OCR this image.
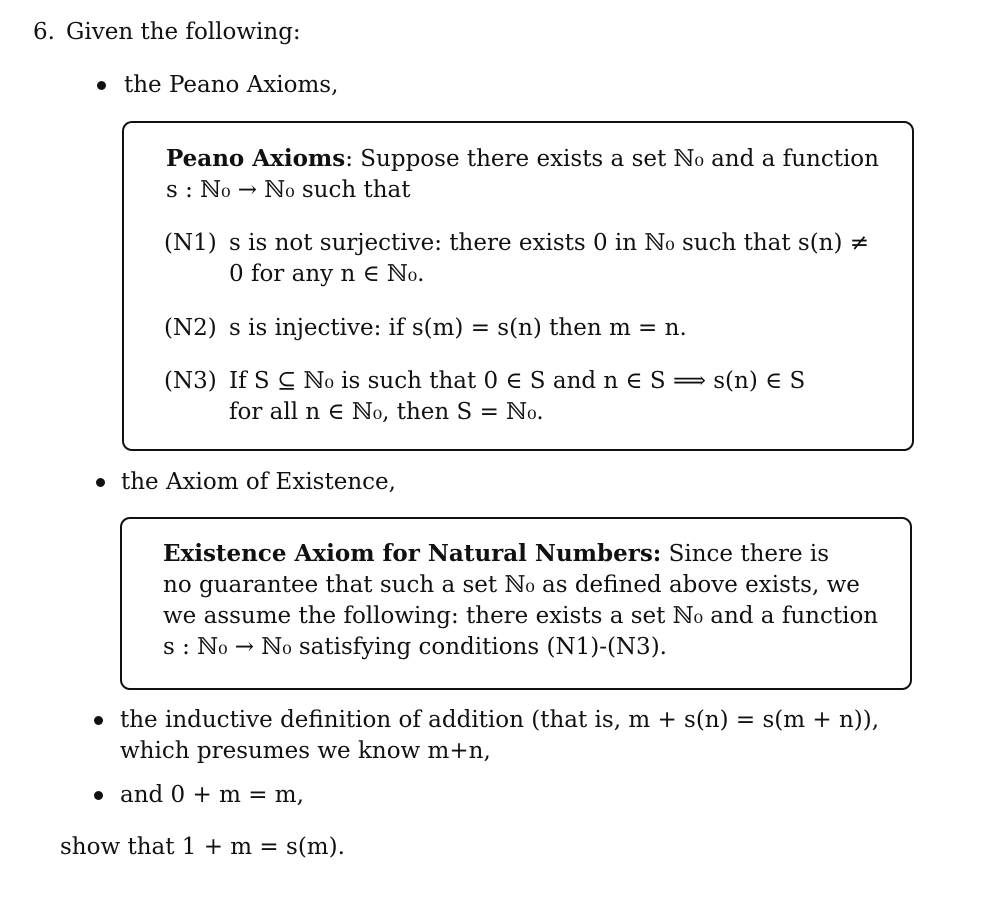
6. Given the following:
the Peano Axioms,

Peano Axioms: Suppose there exists a set ℕ₀ and a function

s : ℕ₀ → ℕ₀ such that

(N1) s is not surjective: there exists 0 in ℕ₀ such that s(n) ≠

0 for any n ∈ ℕ₀.

(N2) s is injective: if s(m) = s(n) then m = n.

(N3) If S ⊆ ℕ₀ is such that 0 ∈ S and n ∈ S ⟹ s(n) ∈ S

for all n ∈ ℕ₀, then S = ℕ₀.

the Axiom of Existence,

Existence Axiom for Natural Numbers: Since there is

no guarantee that such a set ℕ₀ as defined above exists, we

we assume the following: there exists a set ℕ₀ and a function

s : ℕ₀ → ℕ₀ satisfying conditions (N1)-(N3).

the inductive definition of addition (that is, m + s(n) = s(m + n)),
which presumes we know m+n,
and 0 + m = m,
show that 1 + m = s(m).
